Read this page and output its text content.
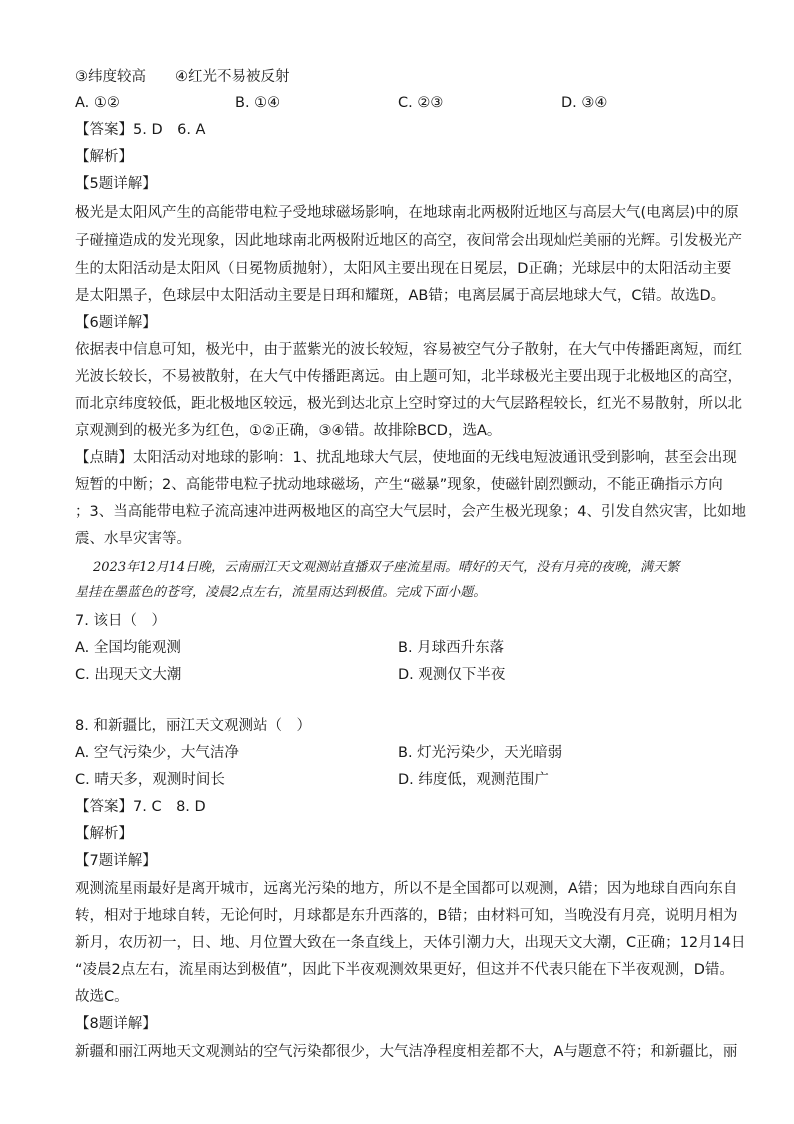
③纬度较高　　④红光不易被反射
A. ①②	B. ①④	C. ②③	D. ③④
【答案】5. D　6. A
【解析】
【5题详解】
极光是太阳风产生的高能带电粒子受地球磁场影响，在地球南北两极附近地区与高层大气(电离层)中的原
子碰撞造成的发光现象，因此地球南北两极附近地区的高空，夜间常会出现灿烂美丽的光辉。引发极光产
生的太阳活动是太阳风（日冕物质抛射），太阳风主要出现在日冕层，D正确；光球层中的太阳活动主要
是太阳黑子，色球层中太阳活动主要是日珥和耀斑，AB错；电离层属于高层地球大气，C错。故选D。
【6题详解】
依据表中信息可知，极光中，由于蓝紫光的波长较短，容易被空气分子散射，在大气中传播距离短，而红
光波长较长，不易被散射，在大气中传播距离远。由上题可知，北半球极光主要出现于北极地区的高空，
而北京纬度较低，距北极地区较远，极光到达北京上空时穿过的大气层路程较长，红光不易散射，所以北
京观测到的极光多为红色，①②正确，③④错。故排除BCD，选A。
【点睛】太阳活动对地球的影响：1、扰乱地球大气层，使地面的无线电短波通讯受到影响，甚至会出现
短暂的中断；2、高能带电粒子扰动地球磁场，产生“磁暴”现象，使磁针剧烈颤动，不能正确指示方向
；3、当高能带电粒子流高速冲进两极地区的高空大气层时，会产生极光现象；4、引发自然灾害，比如地
震、水旱灾害等。
2023年12月14日晚，云南丽江天文观测站直播双子座流星雨。晴好的天气，没有月亮的夜晚，满天繁
星挂在墨蓝色的苍穹，凌晨2点左右，流星雨达到极值。完成下面小题。
7. 该日（　）
A. 全国均能观测	B. 月球西升东落
C. 出现天文大潮	D. 观测仅下半夜
8. 和新疆比，丽江天文观测站（　）
A. 空气污染少，大气洁净	B. 灯光污染少，天光暗弱
C. 晴天多，观测时间长	D. 纬度低，观测范围广
【答案】7. C　8. D
【解析】
【7题详解】
观测流星雨最好是离开城市，远离光污染的地方，所以不是全国都可以观测，A错；因为地球自西向东自
转，相对于地球自转，无论何时，月球都是东升西落的，B错；由材料可知，当晚没有月亮，说明月相为
新月，农历初一，日、地、月位置大致在一条直线上，天体引潮力大，出现天文大潮，C正确；12月14日
“凌晨2点左右，流星雨达到极值”，因此下半夜观测效果更好，但这并不代表只能在下半夜观测，D错。
故选C。
【8题详解】
新疆和丽江两地天文观测站的空气污染都很少，大气洁净程度相差都不大，A与题意不符；和新疆比，丽
